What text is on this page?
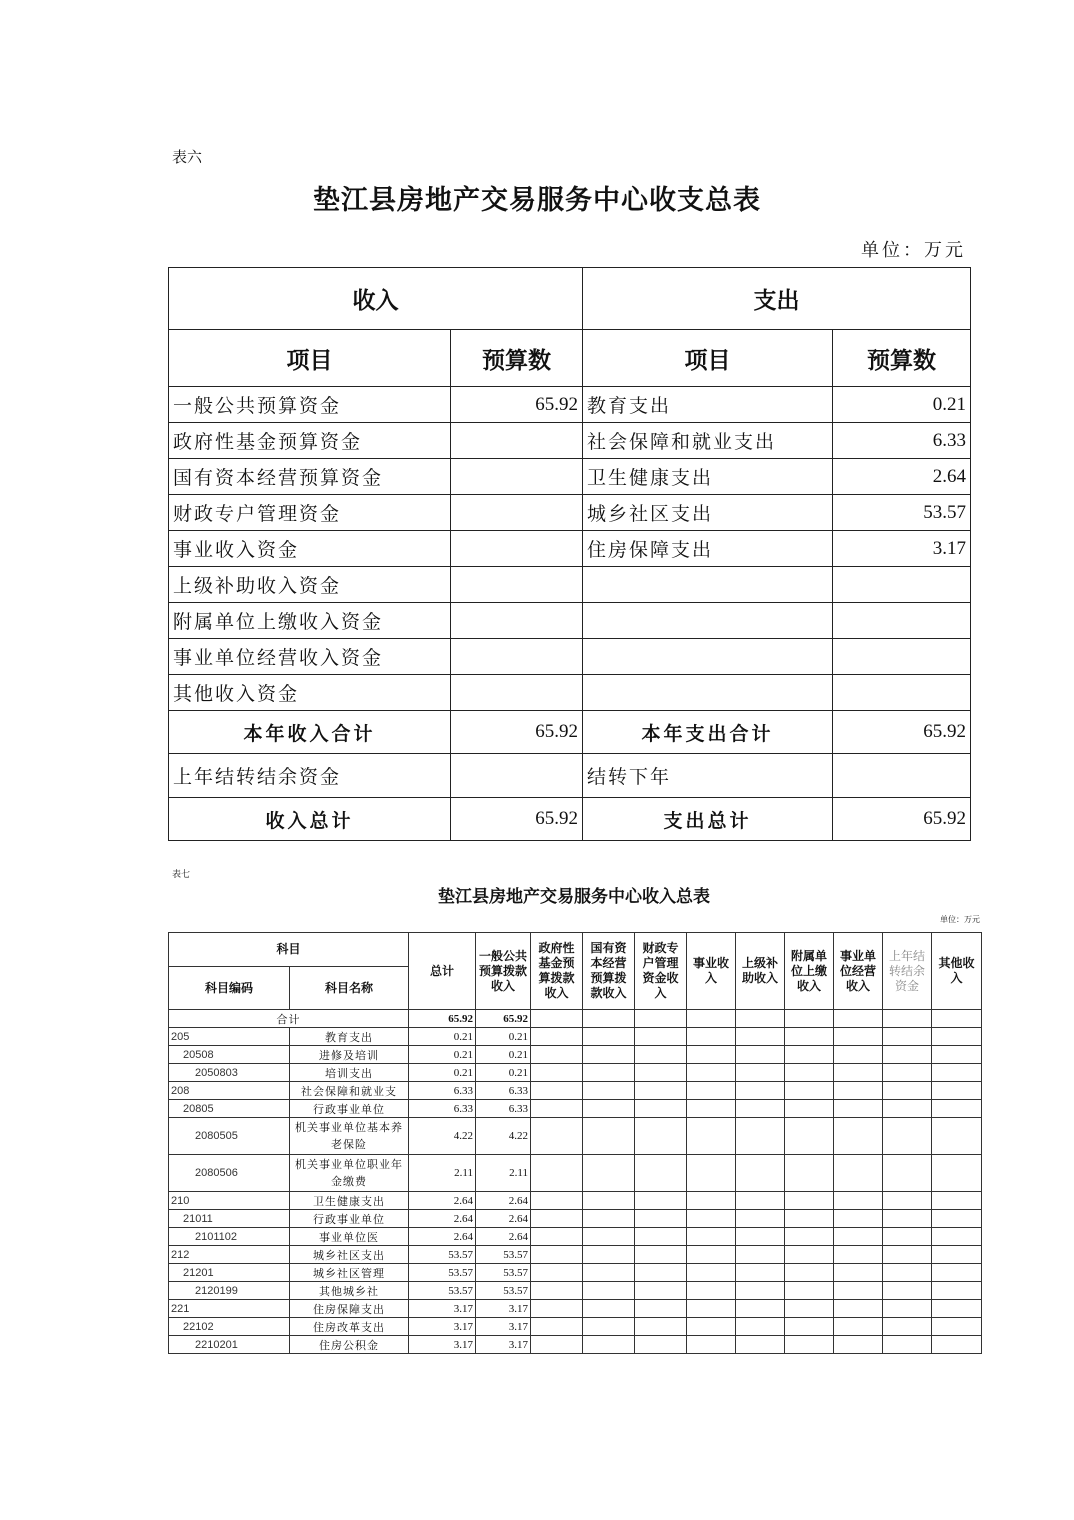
表六
垫江县房地产交易服务中心收支总表
单位：万元
收入		支出	
项目	预算数	项目	预算数
一般公共预算资金	65.92	教育支出	0.21
政府性基金预算资金		社会保障和就业支出	6.33
国有资本经营预算资金		卫生健康支出	2.64
财政专户管理资金		城乡社区支出	53.57
事业收入资金		住房保障支出	3.17
上级补助收入资金			
附属单位上缴收入资金			
事业单位经营收入资金			
其他收入资金			
本年收入合计	65.92	本年支出合计	65.92
上年结转结余资金		结转下年	
收入总计	65.92	支出总计	65.92
表七
垫江县房地产交易服务中心收入总表
单位：万元
科目		总计	一般公共预算拨款收入	政府性基金预算拨款收入	国有资本经营预算拨款收入	财政专户管理资金收入	事业收入	上级补助收入	附属单位上缴收入	事业单位经营收入	上年结转结余资金	其他收入
科目编码	科目名称											
合计		65.92	65.92									
205	教育支出	0.21	0.21									
20508	进修及培训	0.21	0.21									
2050803	培训支出	0.21	0.21									
208	社会保障和就业支	6.33	6.33									
20805	行政事业单位	6.33	6.33									
2080505	机关事业单位基本养老保险	4.22	4.22									
2080506	机关事业单位职业年金缴费	2.11	2.11									
210	卫生健康支出	2.64	2.64									
21011	行政事业单位	2.64	2.64									
2101102	事业单位医	2.64	2.64									
212	城乡社区支出	53.57	53.57									
21201	城乡社区管理	53.57	53.57									
2120199	其他城乡社	53.57	53.57									
221	住房保障支出	3.17	3.17									
22102	住房改革支出	3.17	3.17									
2210201	住房公积金	3.17	3.17									
